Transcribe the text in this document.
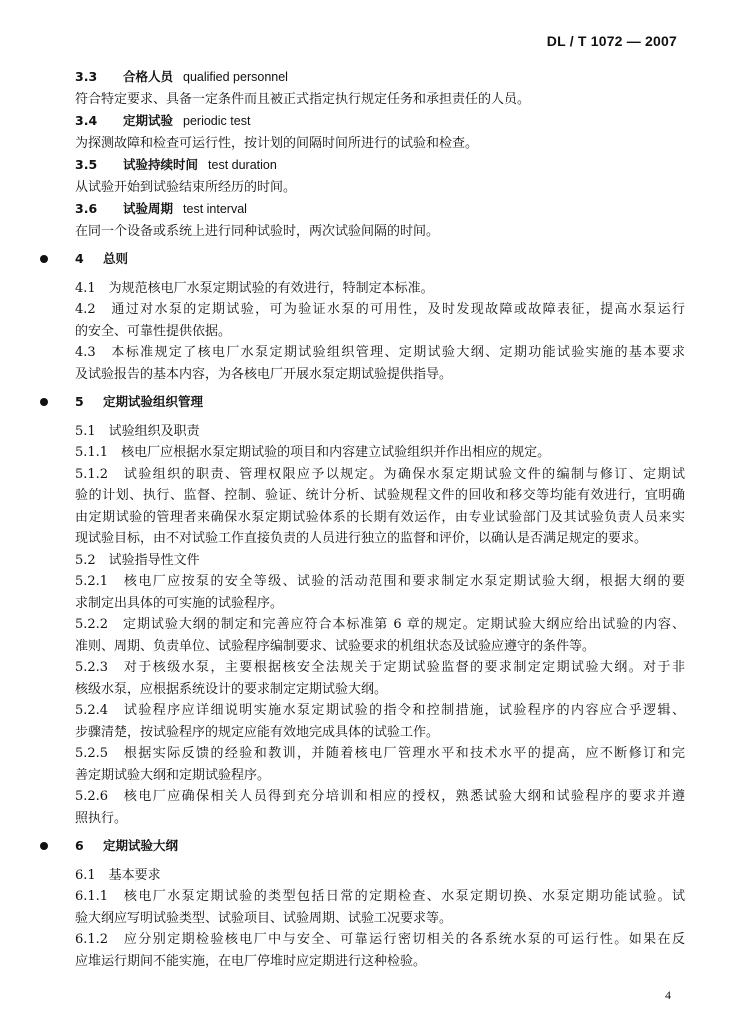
DL / T 1072 — 2007
3.3 合格人员 qualified personnel
符合特定要求、具备一定条件而且被正式指定执行规定任务和承担责任的人员。
3.4 定期试验 periodic test
为探测故障和检查可运行性，按计划的间隔时间所进行的试验和检查。
3.5 试验持续时间 test duration
从试验开始到试验结束所经历的时间。
3.6 试验周期 test interval
在同一个设备或系统上进行同种试验时，两次试验间隔的时间。
4 总则
4.1　为规范核电厂水泵定期试验的有效进行，特制定本标准。
4.2　通过对水泵的定期试验，可为验证水泵的可用性，及时发现故障或故障表征，提高水泵运行
的安全、可靠性提供依据。
4.3　本标准规定了核电厂水泵定期试验组织管理、定期试验大纲、定期功能试验实施的基本要求
及试验报告的基本内容，为各核电厂开展水泵定期试验提供指导。
5 定期试验组织管理
5.1　试验组织及职责
5.1.1　核电厂应根据水泵定期试验的项目和内容建立试验组织并作出相应的规定。
5.1.2　试验组织的职责、管理权限应予以规定。为确保水泵定期试验文件的编制与修订、定期试
验的计划、执行、监督、控制、验证、统计分析、试验规程文件的回收和移交等均能有效进行，宜明确
由定期试验的管理者来确保水泵定期试验体系的长期有效运作，由专业试验部门及其试验负责人员来实
现试验目标，由不对试验工作直接负责的人员进行独立的监督和评价，以确认是否满足规定的要求。
5.2　试验指导性文件
5.2.1　核电厂应按泵的安全等级、试验的活动范围和要求制定水泵定期试验大纲，根据大纲的要
求制定出具体的可实施的试验程序。
5.2.2　定期试验大纲的制定和完善应符合本标准第 6 章的规定。定期试验大纲应给出试验的内容、
准则、周期、负责单位、试验程序编制要求、试验要求的机组状态及试验应遵守的条件等。
5.2.3　对于核级水泵，主要根据核安全法规关于定期试验监督的要求制定定期试验大纲。对于非
核级水泵，应根据系统设计的要求制定定期试验大纲。
5.2.4　试验程序应详细说明实施水泵定期试验的指令和控制措施，试验程序的内容应合乎逻辑、
步骤清楚，按试验程序的规定应能有效地完成具体的试验工作。
5.2.5　根据实际反馈的经验和教训，并随着核电厂管理水平和技术水平的提高，应不断修订和完
善定期试验大纲和定期试验程序。
5.2.6　核电厂应确保相关人员得到充分培训和相应的授权，熟悉试验大纲和试验程序的要求并遵
照执行。
6 定期试验大纲
6.1　基本要求
6.1.1　核电厂水泵定期试验的类型包括日常的定期检查、水泵定期切换、水泵定期功能试验。试
验大纲应写明试验类型、试验项目、试验周期、试验工况要求等。
6.1.2　应分别定期检验核电厂中与安全、可靠运行密切相关的各系统水泵的可运行性。如果在反
应堆运行期间不能实施，在电厂停堆时应定期进行这种检验。
4
